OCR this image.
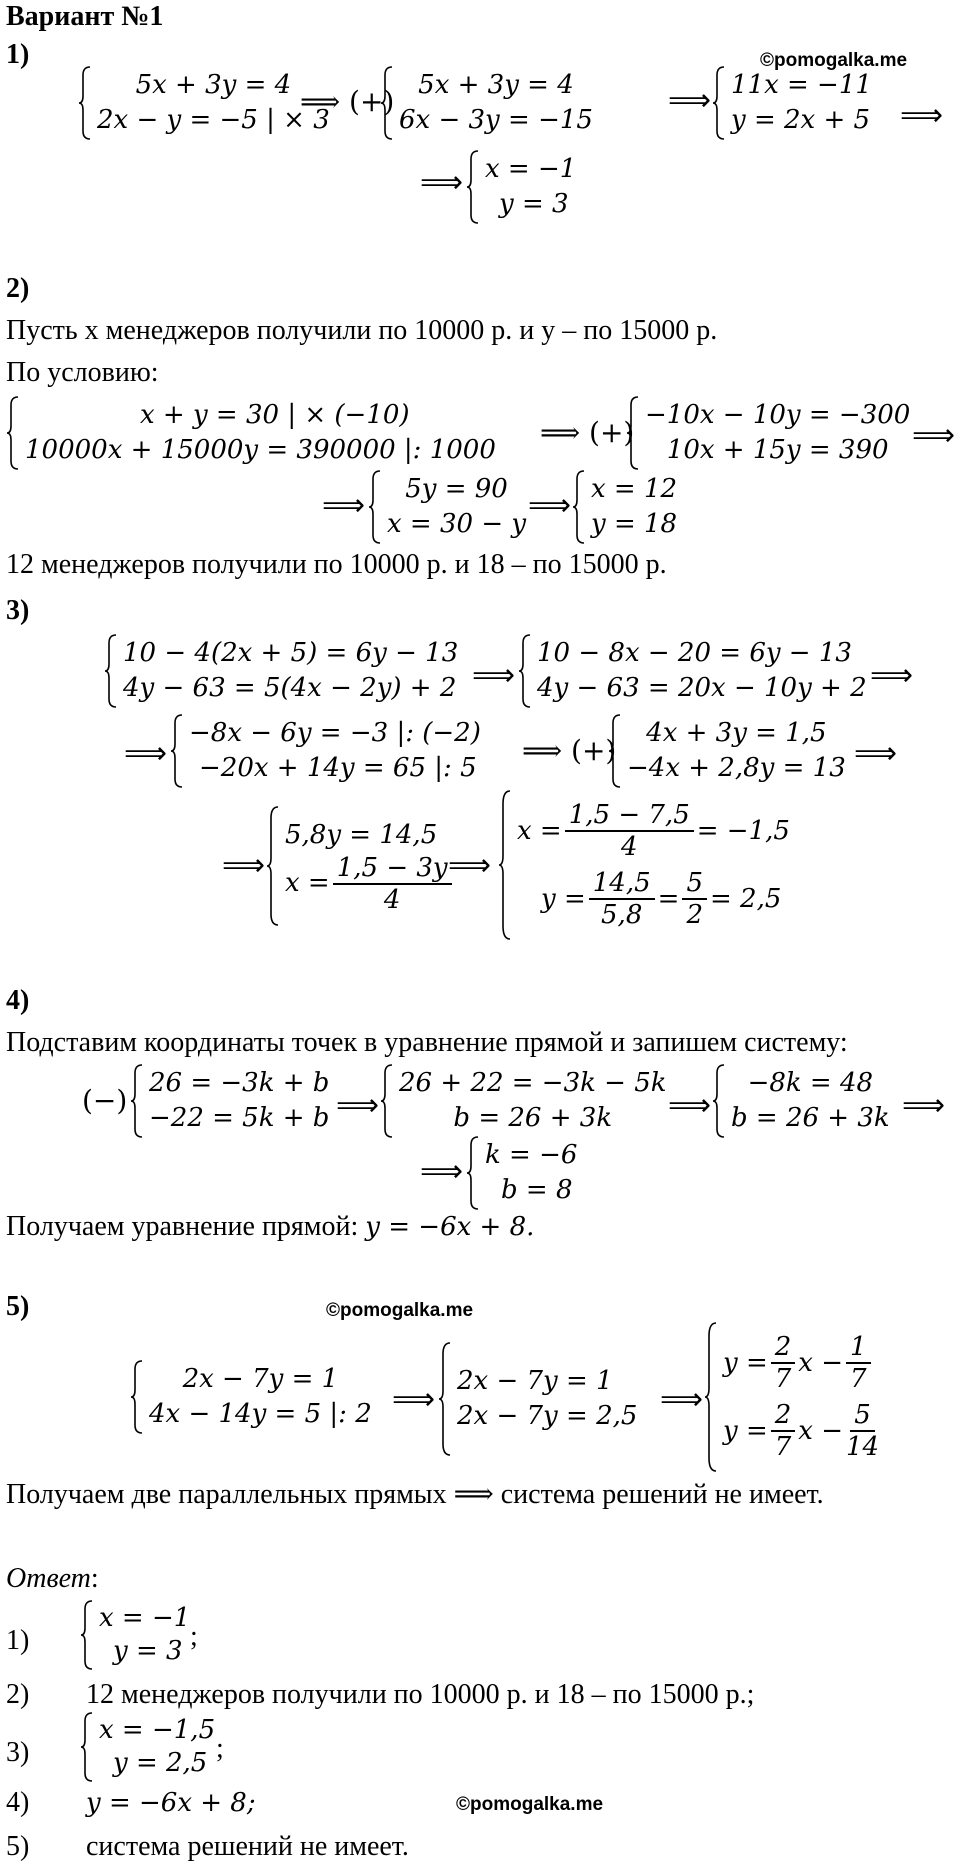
Вариант №1
©pomogalka.me
1)
5x + 3y = 4
2x − y = −5 | × 3
⟹ (+) 5x + 3y = 4
6x − 3y = −15
⟹ 11x = −11
y = 2x + 5 ⟹
⟹ x = −1
y = 3
2)
Пусть x менеджеров получили по 10000 р. и y – по 15000 р.
По условию:
x + y = 30 | × (−10)
10000x + 15000y = 390000 |: 1000
⟹ (+)
−10x − 10y = −300
10x + 15y = 390 ⟹
⟹	5y = 90
x = 30 − y
⟹ x = 12
y = 18
12 менеджеров получили по 10000 р. и 18 – по 15000 р.
3)
10 − 4(2x + 5) = 6y − 13
4y − 63 = 5(4x − 2y) + 2 ⟹
10 − 8x − 20 = 6y − 13
4y − 63 = 20x − 10y + 2 ⟹
⟹
−8x − 6y = −3 |: (−2)
−20x + 14y = 65 |: 5
⟹ (+)
4x + 3y = 1,5
−4x + 2,8y = 13 ⟹
⟹
5,8y = 14,5
$x = \frac{1,5 - 3y}{4}$
⟹
$x = \frac{1,5 - 7,5}{4} = -1,5$
$y = \frac{14,5}{5,8} = \frac{5}{2} = 2,5$
4)
Подставим координаты точек в уравнение прямой и запишем систему:
(−)
26 = −3k + b
−22 = 5k + b ⟹
26 + 22 = −3k − 5k
b = 26 + 3k	⟹
−8k = 48
b = 26 + 3k ⟹
⟹ k = −6
b = 8
Получаем уравнение прямой: y = −6x + 8.
5)	©pomogalka.me
2x − 7y = 1
4x − 14y = 5 |: 2 ⟹
2x − 7y = 1
2x − 7y = 2,5 ⟹
$y = \frac{2}{7}$ $x - \frac{1}{7}$
$y = \frac{2}{7}$ $x - \frac{5}{14}$
Получаем две параллельных прямых ⟹ система решений не имеет.
Ответ:
1)
x = −1
y = 3 ;
2) 12 менеджеров получили по 10000 р. и 18 – по 15000 р.;
3)
x = −1,5
y = 2,5 ;
4) y = −6x + 8;	©pomogalka.me
5) система решений не имеет.
